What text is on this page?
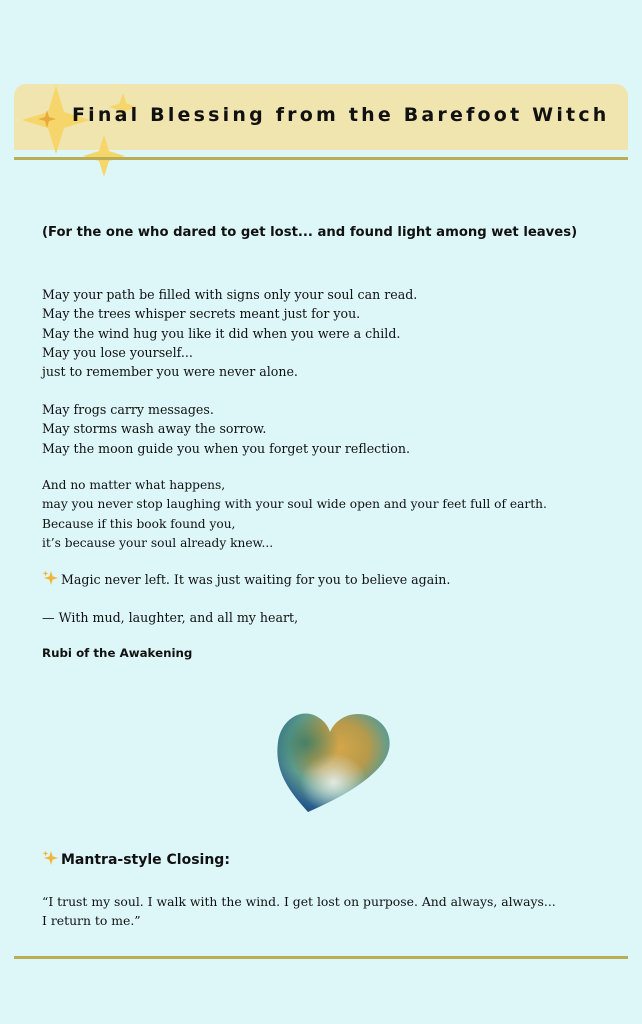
Final Blessing from the Barefoot Witch
(For the one who dared to get lost... and found light among wet leaves)

May your path be filled with signs only your soul can read.
May the trees whisper secrets meant just for you.
May the wind hug you like it did when you were a child.
May you lose yourself...
just to remember you were never alone.

May frogs carry messages.
May storms wash away the sorrow.
May the moon guide you when you forget your reflection.

And no matter what happens,
may you never stop laughing with your soul wide open and your feet full of earth.
Because if this book found you,
it’s because your soul already knew...

Magic never left. It was just waiting for you to believe again.

— With mud, laughter, and all my heart,

Rubi of the Awakening
Mantra-style Closing:

“I trust my soul. I walk with the wind. I get lost on purpose. And always, always...
I return to me.”
